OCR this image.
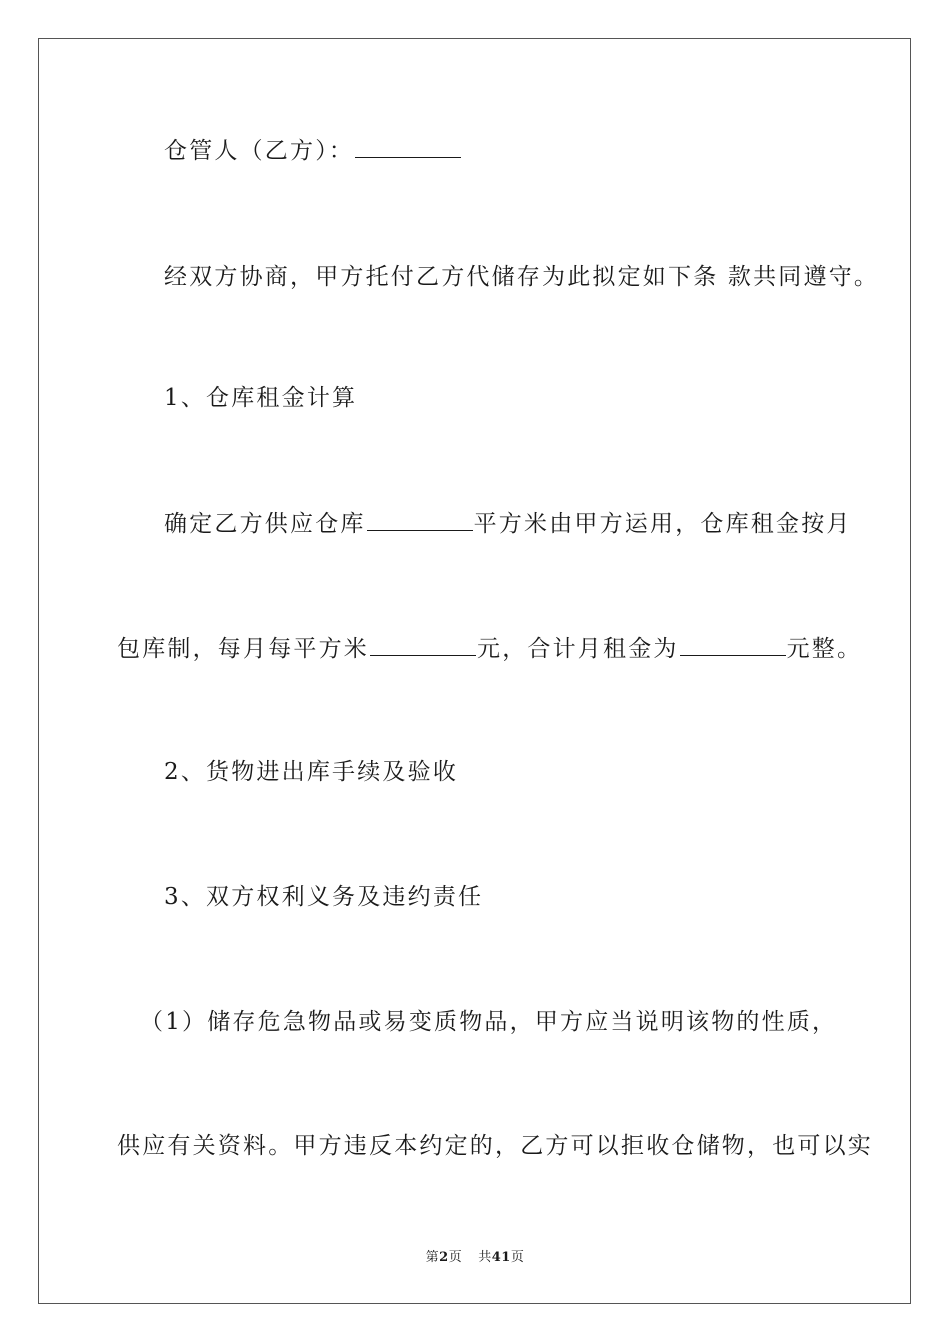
仓管人（乙方）：
经双方协商，甲方托付乙方代储存为此拟定如下条 款共同遵守。
1、仓库租金计算
确定乙方供应仓库	平方米由甲方运用，仓库租金按月
包库制，每月每平方米	元，合计月租金为	元整。
2、货物进出库手续及验收
3、双方权利义务及违约责任
（1）储存危急物品或易变质物品，甲方应当说明该物的性质，
供应有关资料。甲方违反本约定的，乙方可以拒收仓储物，也可以实
第2页 共41页
